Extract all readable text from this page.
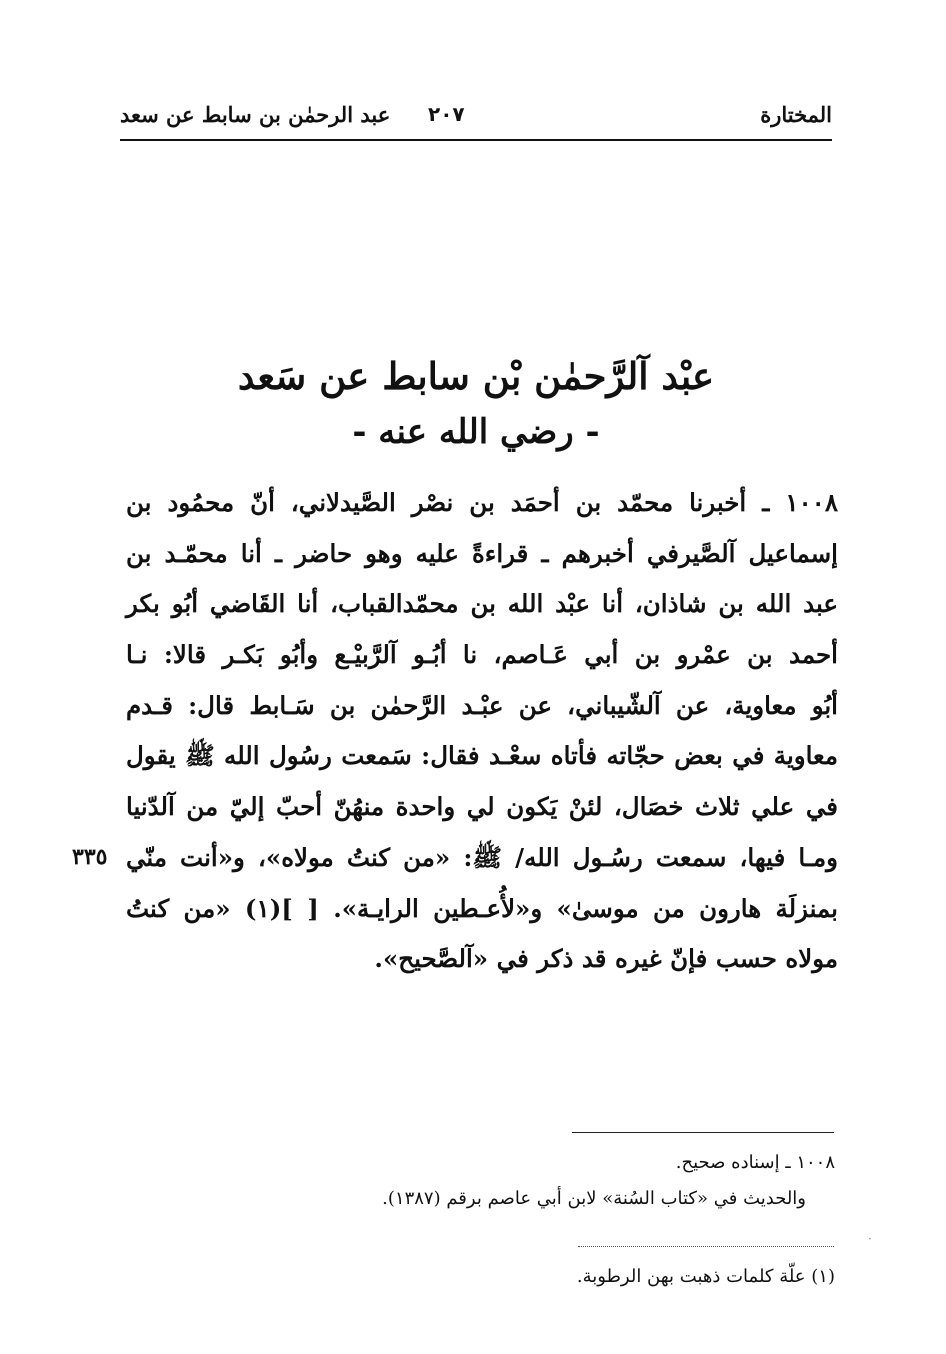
المختارة
٢٠٧
عبد الرحمٰن بن سابط عن سعد
عبْد آلرَّحمٰن بْن سابط عن سَعد
- رضي الله عنه -
١٠٠٨ ـ أخبرنا محمّد بن أحمَد بن نصْر الصَّيدلاني، أنّ محمُود بن
إسماعيل آلصَّيرفي أخبرهم ـ قراءةً عليه وهو حاضر ـ أنا محمّـد بن
عبد الله بن شاذان، أنا عبْد الله بن محمّدالقباب، أنا القَاضي أبُو بكر
أحمد بن عمْرو بن أبي عَـاصم، نا أبُـو آلرَّبيْـع وأبُو بَكـر قالا: نـا
أبُو معاوية، عن آلشّيباني، عن عبْـد الرَّحمٰن بن سَـابط قال: قـدم
معاوية في بعض حجّاته فأتاه سعْـد فقال: سَمعت رسُول الله ﷺ يقول
في علي ثلاث خصَال، لئنْ يَكون لي واحدة منهُنّ أحبّ إليّ من آلدّنيا
ومـا فيها، سمعت رسُـول الله/ ﷺ: «من كنتُ مولاه»، و«أنت منّي
بمنزلَة هارون من موسىٰ» و«لأُعـطين الرايـة». [ ](١) «من كنتُ
مولاه حسب فإنّ غيره قد ذكر في «آلصَّحيح».
٣٣٥
١٠٠٨ ـ إسناده صحيح.
والحديث في «كتاب السُنة» لابن أبي عاصم برقم (١٣٨٧).
(١) علّة كلمات ذهبت بهن الرطوبة.
·
